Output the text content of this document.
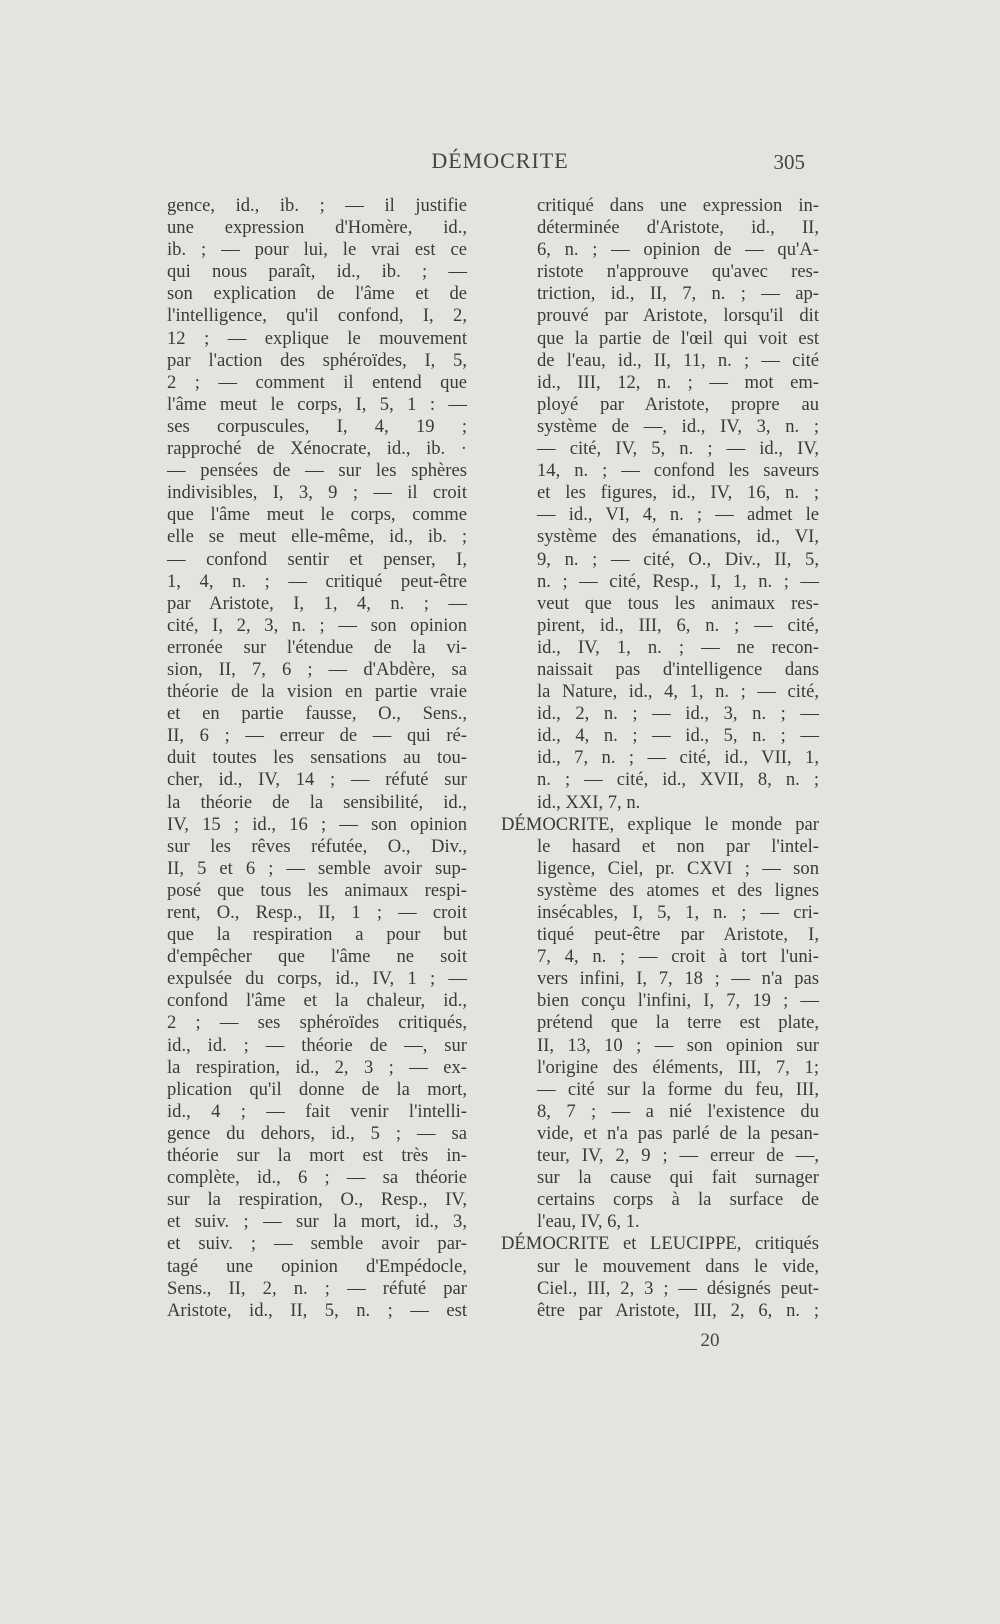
DÉMOCRITE	305
gence, id., ib. ; — il justifie
une expression d'Homère, id.,
ib. ; — pour lui, le vrai est ce
qui nous paraît, id., ib. ; —
son explication de l'âme et de
l'intelligence, qu'il confond, I, 2,
12 ; — explique le mouvement
par l'action des sphéroïdes, I, 5,
2 ; — comment il entend que
l'âme meut le corps, I, 5, 1 : —
ses corpuscules, I, 4, 19 ;
rapproché de Xénocrate, id., ib. ·
— pensées de — sur les sphères
indivisibles, I, 3, 9 ; — il croit
que l'âme meut le corps, comme
elle se meut elle-même, id., ib. ;
— confond sentir et penser, I,
1, 4, n. ; — critiqué peut-être
par Aristote, I, 1, 4, n. ; —
cité, I, 2, 3, n. ; — son opinion
erronée sur l'étendue de la vi-
sion, II, 7, 6 ; — d'Abdère, sa
théorie de la vision en partie vraie
et en partie fausse, O., Sens.,
II, 6 ; — erreur de — qui ré-
duit toutes les sensations au tou-
cher, id., IV, 14 ; — réfuté sur
la théorie de la sensibilité, id.,
IV, 15 ; id., 16 ; — son opinion
sur les rêves réfutée, O., Div.,
II, 5 et 6 ; — semble avoir sup-
posé que tous les animaux respi-
rent, O., Resp., II, 1 ; — croit
que la respiration a pour but
d'empêcher que l'âme ne soit
expulsée du corps, id., IV, 1 ; —
confond l'âme et la chaleur, id.,
2 ; — ses sphéroïdes critiqués,
id., id. ; — théorie de —, sur
la respiration, id., 2, 3 ; — ex-
plication qu'il donne de la mort,
id., 4 ; — fait venir l'intelli-
gence du dehors, id., 5 ; — sa
théorie sur la mort est très in-
complète, id., 6 ; — sa théorie
sur la respiration, O., Resp., IV,
et suiv. ; — sur la mort, id., 3,
et suiv. ; — semble avoir par-
tagé une opinion d'Empédocle,
Sens., II, 2, n. ; — réfuté par
Aristote, id., II, 5, n. ; — est
critiqué dans une expression in-
déterminée d'Aristote, id., II,
6, n. ; — opinion de — qu'A-
ristote n'approuve qu'avec res-
triction, id., II, 7, n. ; — ap-
prouvé par Aristote, lorsqu'il dit
que la partie de l'œil qui voit est
de l'eau, id., II, 11, n. ; — cité
id., III, 12, n. ; — mot em-
ployé par Aristote, propre au
système de —, id., IV, 3, n. ;
— cité, IV, 5, n. ; — id., IV,
14, n. ; — confond les saveurs
et les figures, id., IV, 16, n. ;
— id., VI, 4, n. ; — admet le
système des émanations, id., VI,
9, n. ; — cité, O., Div., II, 5,
n. ; — cité, Resp., I, 1, n. ; —
veut que tous les animaux res-
pirent, id., III, 6, n. ; — cité,
id., IV, 1, n. ; — ne recon-
naissait pas d'intelligence dans
la Nature, id., 4, 1, n. ; — cité,
id., 2, n. ; — id., 3, n. ; —
id., 4, n. ; — id., 5, n. ; —
id., 7, n. ; — cité, id., VII, 1,
n. ; — cité, id., XVII, 8, n. ;
id., XXI, 7, n.
DÉMOCRITE, explique le monde par
le hasard et non par l'intel-
ligence, Ciel, pr. CXVI ; — son
système des atomes et des lignes
insécables, I, 5, 1, n. ; — cri-
tiqué peut-être par Aristote, I,
7, 4, n. ; — croit à tort l'uni-
vers infini, I, 7, 18 ; — n'a pas
bien conçu l'infini, I, 7, 19 ; —
prétend que la terre est plate,
II, 13, 10 ; — son opinion sur
l'origine des éléments, III, 7, 1;
— cité sur la forme du feu, III,
8, 7 ; — a nié l'existence du
vide, et n'a pas parlé de la pesan-
teur, IV, 2, 9 ; — erreur de —,
sur la cause qui fait surnager
certains corps à la surface de
l'eau, IV, 6, 1.
DÉMOCRITE et LEUCIPPE, critiqués
sur le mouvement dans le vide,
Ciel., III, 2, 3 ; — désignés peut-
être par Aristote, III, 2, 6, n. ;
20
